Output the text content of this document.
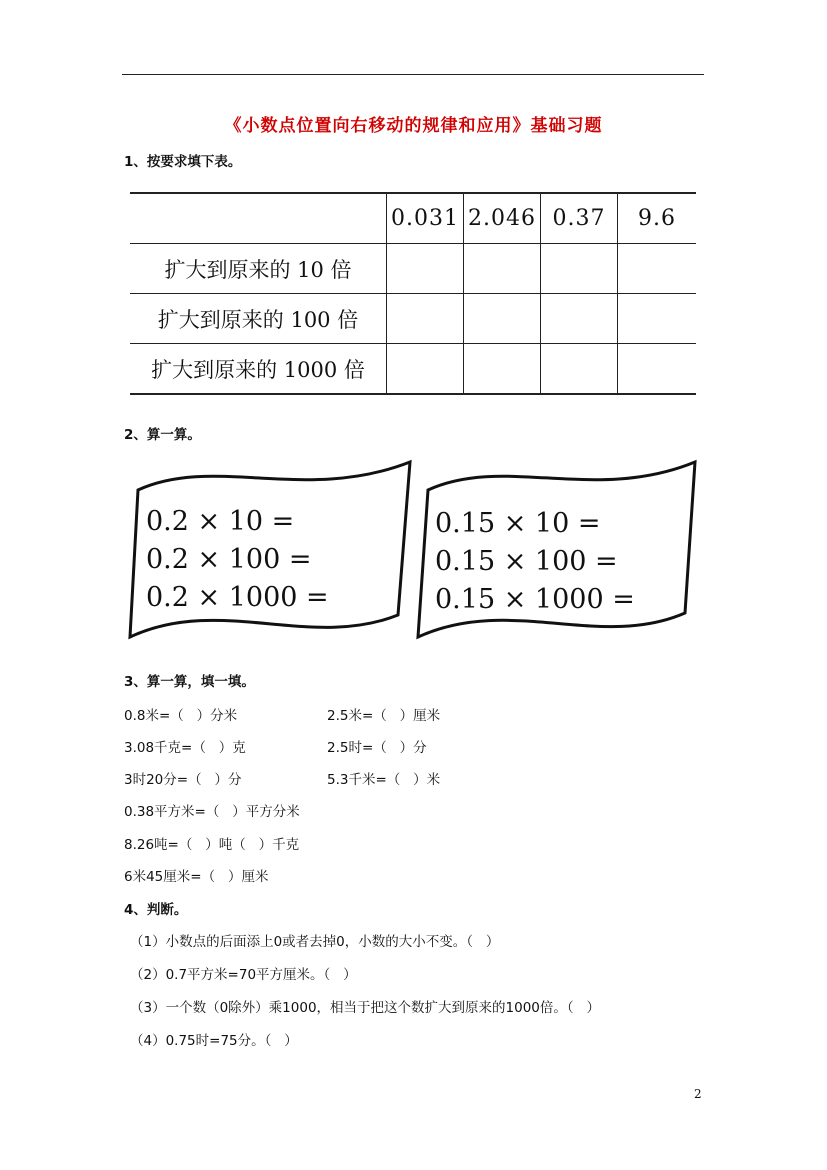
《小数点位置向右移动的规律和应用》基础习题
1、按要求填下表。
	0.031	2.046	0.37	9.6
扩大到原来的 10 倍				
扩大到原来的 100 倍				
扩大到原来的 1000 倍				
2、算一算。
0.2 × 10 =
0.2 × 100 =
0.2 × 1000 =
0.15 × 10 =
0.15 × 100 =
0.15 × 1000 =
3、算一算，填一填。
0.8米=（   ）分米	2.5米=（   ）厘米
3.08千克=（   ）克	2.5时=（   ）分
3时20分=（   ）分	5.3千米=（   ）米
0.38平方米=（   ）平方分米
8.26吨=（   ）吨（   ）千克
6米45厘米=（   ）厘米
4、判断。
（1）小数点的后面添上0或者去掉0，小数的大小不变。（   ）
（2）0.7平方米=70平方厘米。（   ）
（3）一个数（0除外）乘1000，相当于把这个数扩大到原来的1000倍。（   ）
（4）0.75时=75分。（   ）
2
